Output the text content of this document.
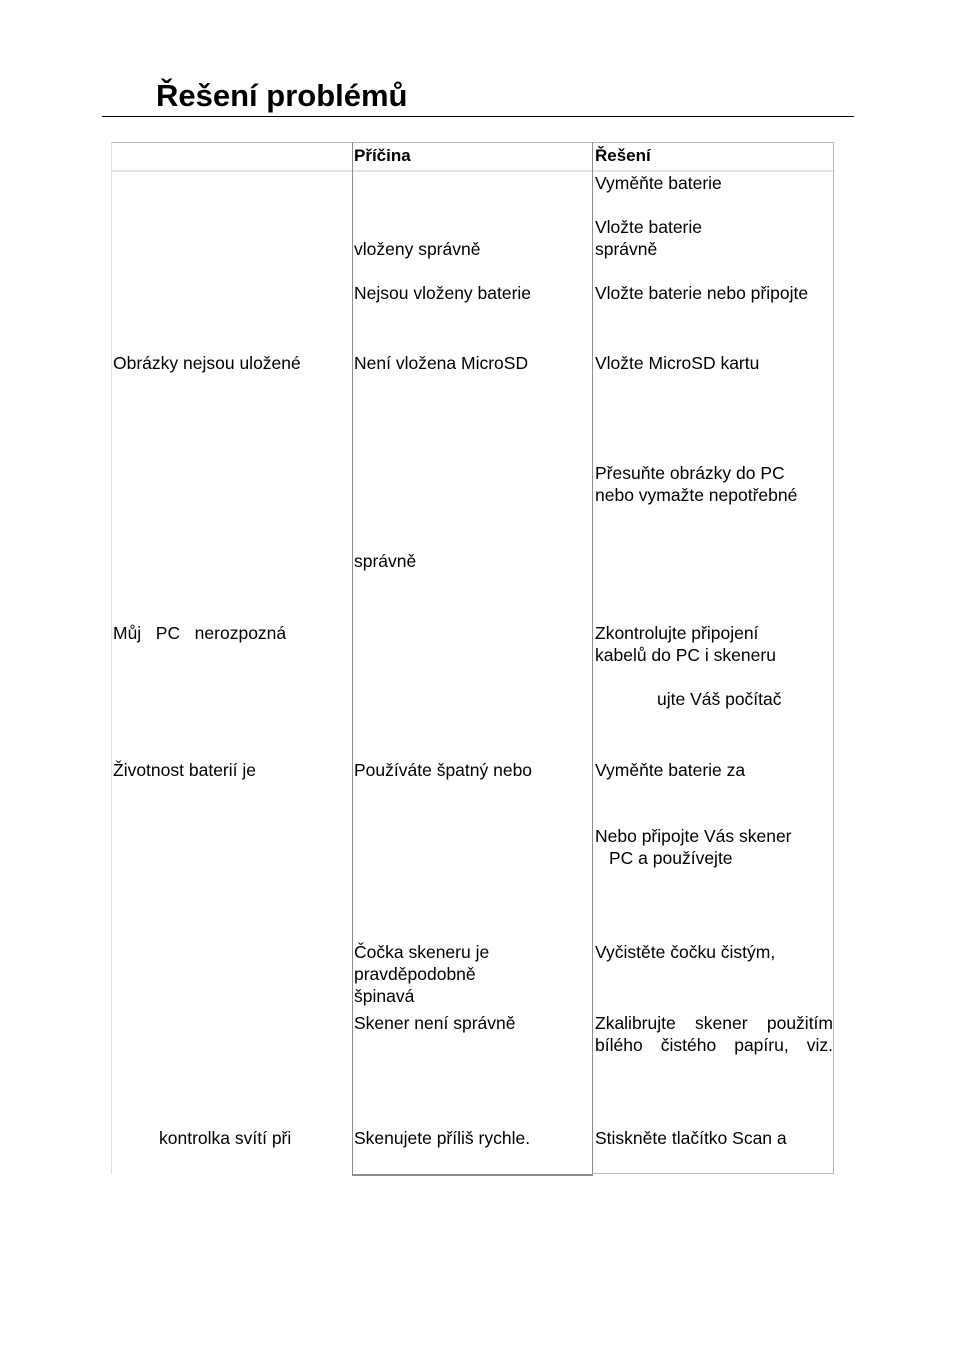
Řešení problémů
Příčina	Řešení
Obrázky nejsou uložené
Můj   PC   nerozpozná
Životnost baterií je
kontrolka svítí při
vloženy správně
Nejsou vloženy baterie
Není vložena MicroSD
správně
Používáte špatný nebo
Čočka skeneru je
pravděpodobně
špinavá
Skener není správně
Skenujete příliš rychle.
Vyměňte baterie
Vložte baterie
správně
Vložte baterie nebo připojte
Vložte MicroSD kartu
Přesuňte obrázky do PC
nebo vymažte nepotřebné
Zkontrolujte připojení
kabelů do PC i skeneru
ujte Váš počítač
Vyměňte baterie za
Nebo připojte Vás skener
PC a používejte
Vyčistěte čočku čistým,
Zkalibrujte  skener  použitím
bílého  čistého  papíru,  viz.
Stiskněte tlačítko Scan a
